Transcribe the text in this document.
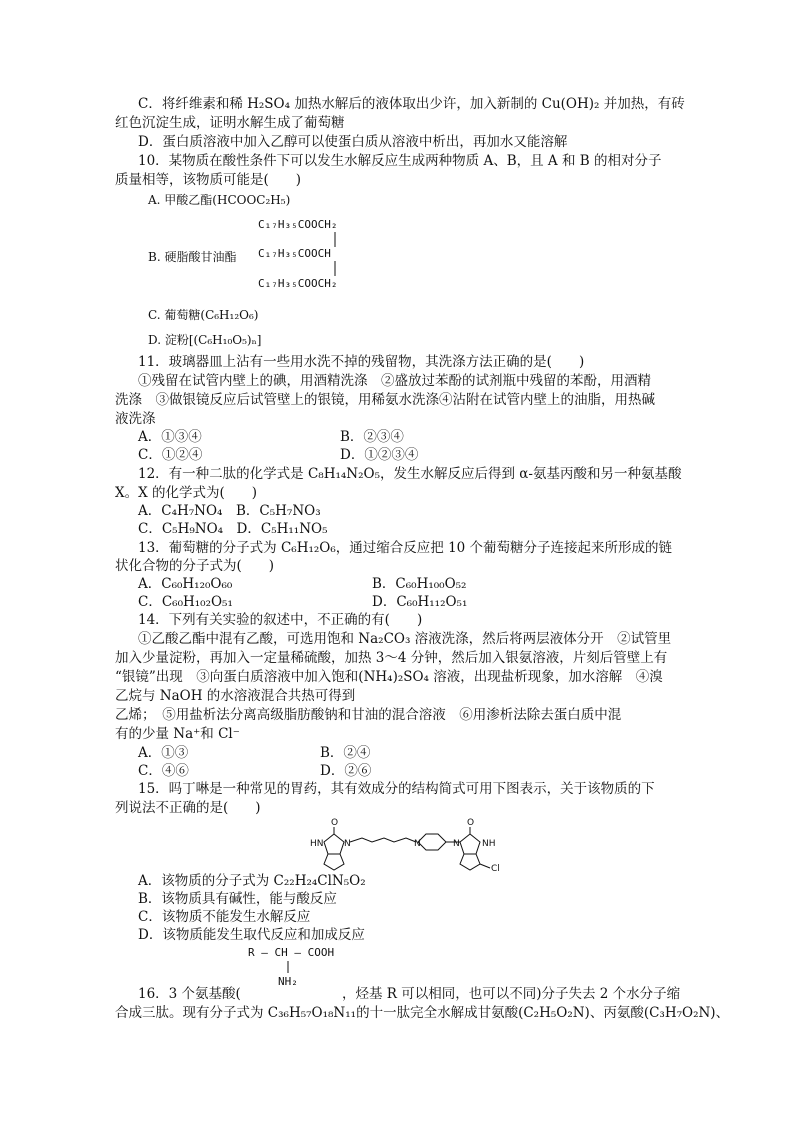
C．将纤维素和稀 H₂SO₄ 加热水解后的液体取出少许，加入新制的 Cu(OH)₂ 并加热，有砖
红色沉淀生成，证明水解生成了葡萄糖
D．蛋白质溶液中加入乙醇可以使蛋白质从溶液中析出，再加水又能溶解
10．某物质在酸性条件下可以发生水解反应生成两种物质 A、B，且 A 和 B 的相对分子
质量相等，该物质可能是(　　)
A. 甲酸乙酯(HCOOC₂H₅)
C₁₇H₃₅COOCH₂
C₁₇H₃₅COOCH
C₁₇H₃₅COOCH₂
B. 硬脂酸甘油酯
C. 葡萄糖(C₆H₁₂O₆)
D. 淀粉[(C₆H₁₀O₅)ₙ]
11．玻璃器皿上沾有一些用水洗不掉的残留物，其洗涤方法正确的是(　　)
①残留在试管内壁上的碘，用酒精洗涤　②盛放过苯酚的试剂瓶中残留的苯酚，用酒精
洗涤　③做银镜反应后试管壁上的银镜，用稀氨水洗涤④沾附在试管内壁上的油脂，用热碱
液洗涤
A．①③④	B．②③④
C．①②④	D．①②③④
12．有一种二肽的化学式是 C₈H₁₄N₂O₅，发生水解反应后得到 α-氨基丙酸和另一种氨基酸
X。X 的化学式为(　　)
A．C₄H₇NO₄　B．C₅H₇NO₃
C．C₅H₉NO₄　D．C₅H₁₁NO₅
13．葡萄糖的分子式为 C₆H₁₂O₆，通过缩合反应把 10 个葡萄糖分子连接起来所形成的链
状化合物的分子式为(　　)
A．C₆₀H₁₂₀O₆₀	B．C₆₀H₁₀₀O₅₂
C．C₆₀H₁₀₂O₅₁	D．C₆₀H₁₁₂O₅₁
14．下列有关实验的叙述中，不正确的有(　　)
①乙酸乙酯中混有乙酸，可选用饱和 Na₂CO₃ 溶液洗涤，然后将两层液体分开　②试管里
加入少量淀粉，再加入一定量稀硫酸，加热 3～4 分钟，然后加入银氨溶液，片刻后管壁上有
“银镜”出现　③向蛋白质溶液中加入饱和(NH₄)₂SO₄ 溶液，出现盐析现象，加水溶解　④溴
乙烷与 NaOH 的水溶液混合共热可得到
乙烯；　⑤用盐析法分离高级脂肪酸钠和甘油的混合溶液　⑥用渗析法除去蛋白质中混
有的少量 Na⁺和 Cl⁻
A．①③	B．②④
C．④⑥	D．②⑥
15．吗丁啉是一种常见的胃药，其有效成分的结构简式可用下图表示，关于该物质的下
列说法不正确的是(　　)
O
HN N	N
O
N NH
Cl
A．该物质的分子式为 C₂₂H₂₄ClN₅O₂
B．该物质具有碱性，能与酸反应
C．该物质不能发生水解反应
D．该物质能发生取代反应和加成反应
R — CH — COOH
NH₂
16．3 个氨基酸(	，烃基 R 可以相同，也可以不同)分子失去 2 个水分子缩
合成三肽。现有分子式为 C₃₆H₅₇O₁₈N₁₁的十一肽完全水解成甘氨酸(C₂H₅O₂N)、丙氨酸(C₃H₇O₂N)、
